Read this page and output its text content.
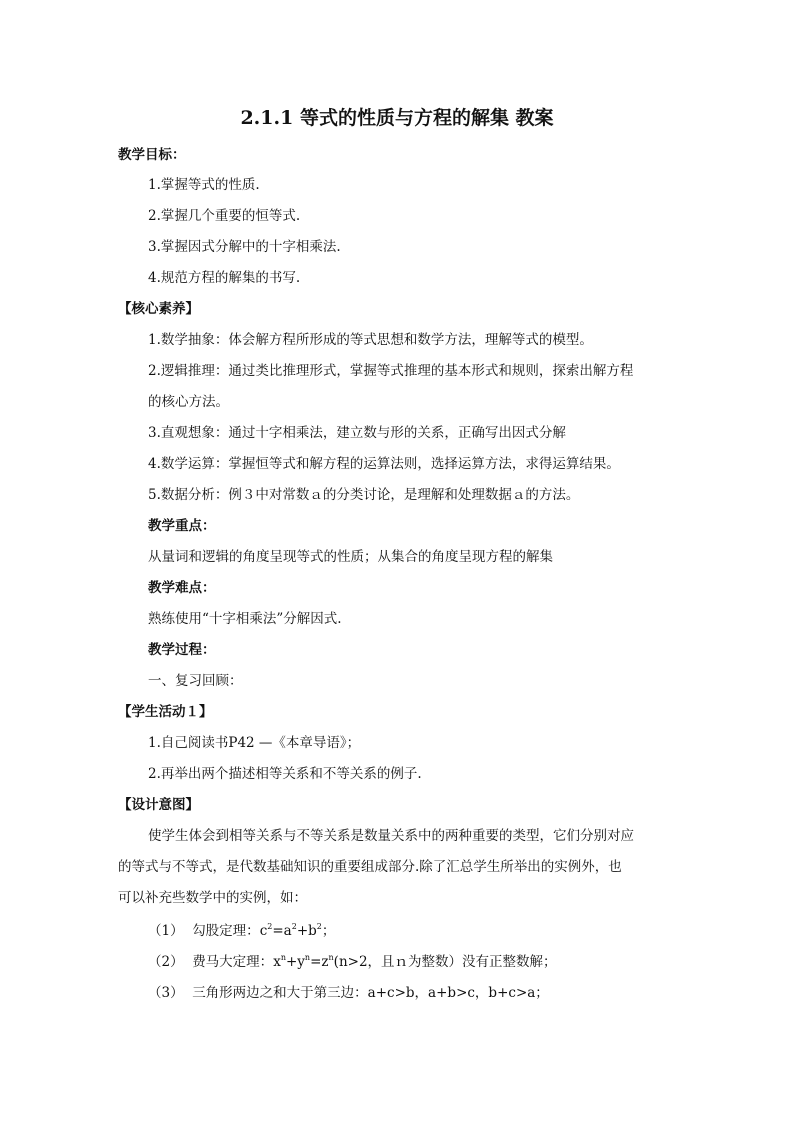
2.1.1 等式的性质与方程的解集 教案
教学目标：
1.掌握等式的性质.
2.掌握几个重要的恒等式.
3.掌握因式分解中的十字相乘法.
4.规范方程的解集的书写.
【核心素养】
1.数学抽象：体会解方程所形成的等式思想和数学方法，理解等式的模型。
2.逻辑推理：通过类比推理形式，掌握等式推理的基本形式和规则，探索出解方程
的核心方法。
3.直观想象：通过十字相乘法，建立数与形的关系，正确写出因式分解
4.数学运算：掌握恒等式和解方程的运算法则，选择运算方法，求得运算结果。
5.数据分析：例３中对常数ａ的分类讨论，是理解和处理数据ａ的方法。
教学重点：
从量词和逻辑的角度呈现等式的性质；从集合的角度呈现方程的解集
教学难点：
熟练使用“十字相乘法”分解因式.
教学过程：
一、复习回顾：
【学生活动１】
1.自己阅读书P42 —《本章导语》；
2.再举出两个描述相等关系和不等关系的例子.
【设计意图】
使学生体会到相等关系与不等关系是数量关系中的两种重要的类型，它们分别对应
的等式与不等式，是代数基础知识的重要组成部分.除了汇总学生所举出的实例外，也
可以补充些数学中的实例，如：
（1） 勾股定理：$c^2=a^2+b^2$；
（2） 费马大定理：$x^n+y^n=z^n(n>2$，且ｎ为整数）没有正整数解；
（3） 三角形两边之和大于第三边：a+c>b，a+b>c，b+c>a；
